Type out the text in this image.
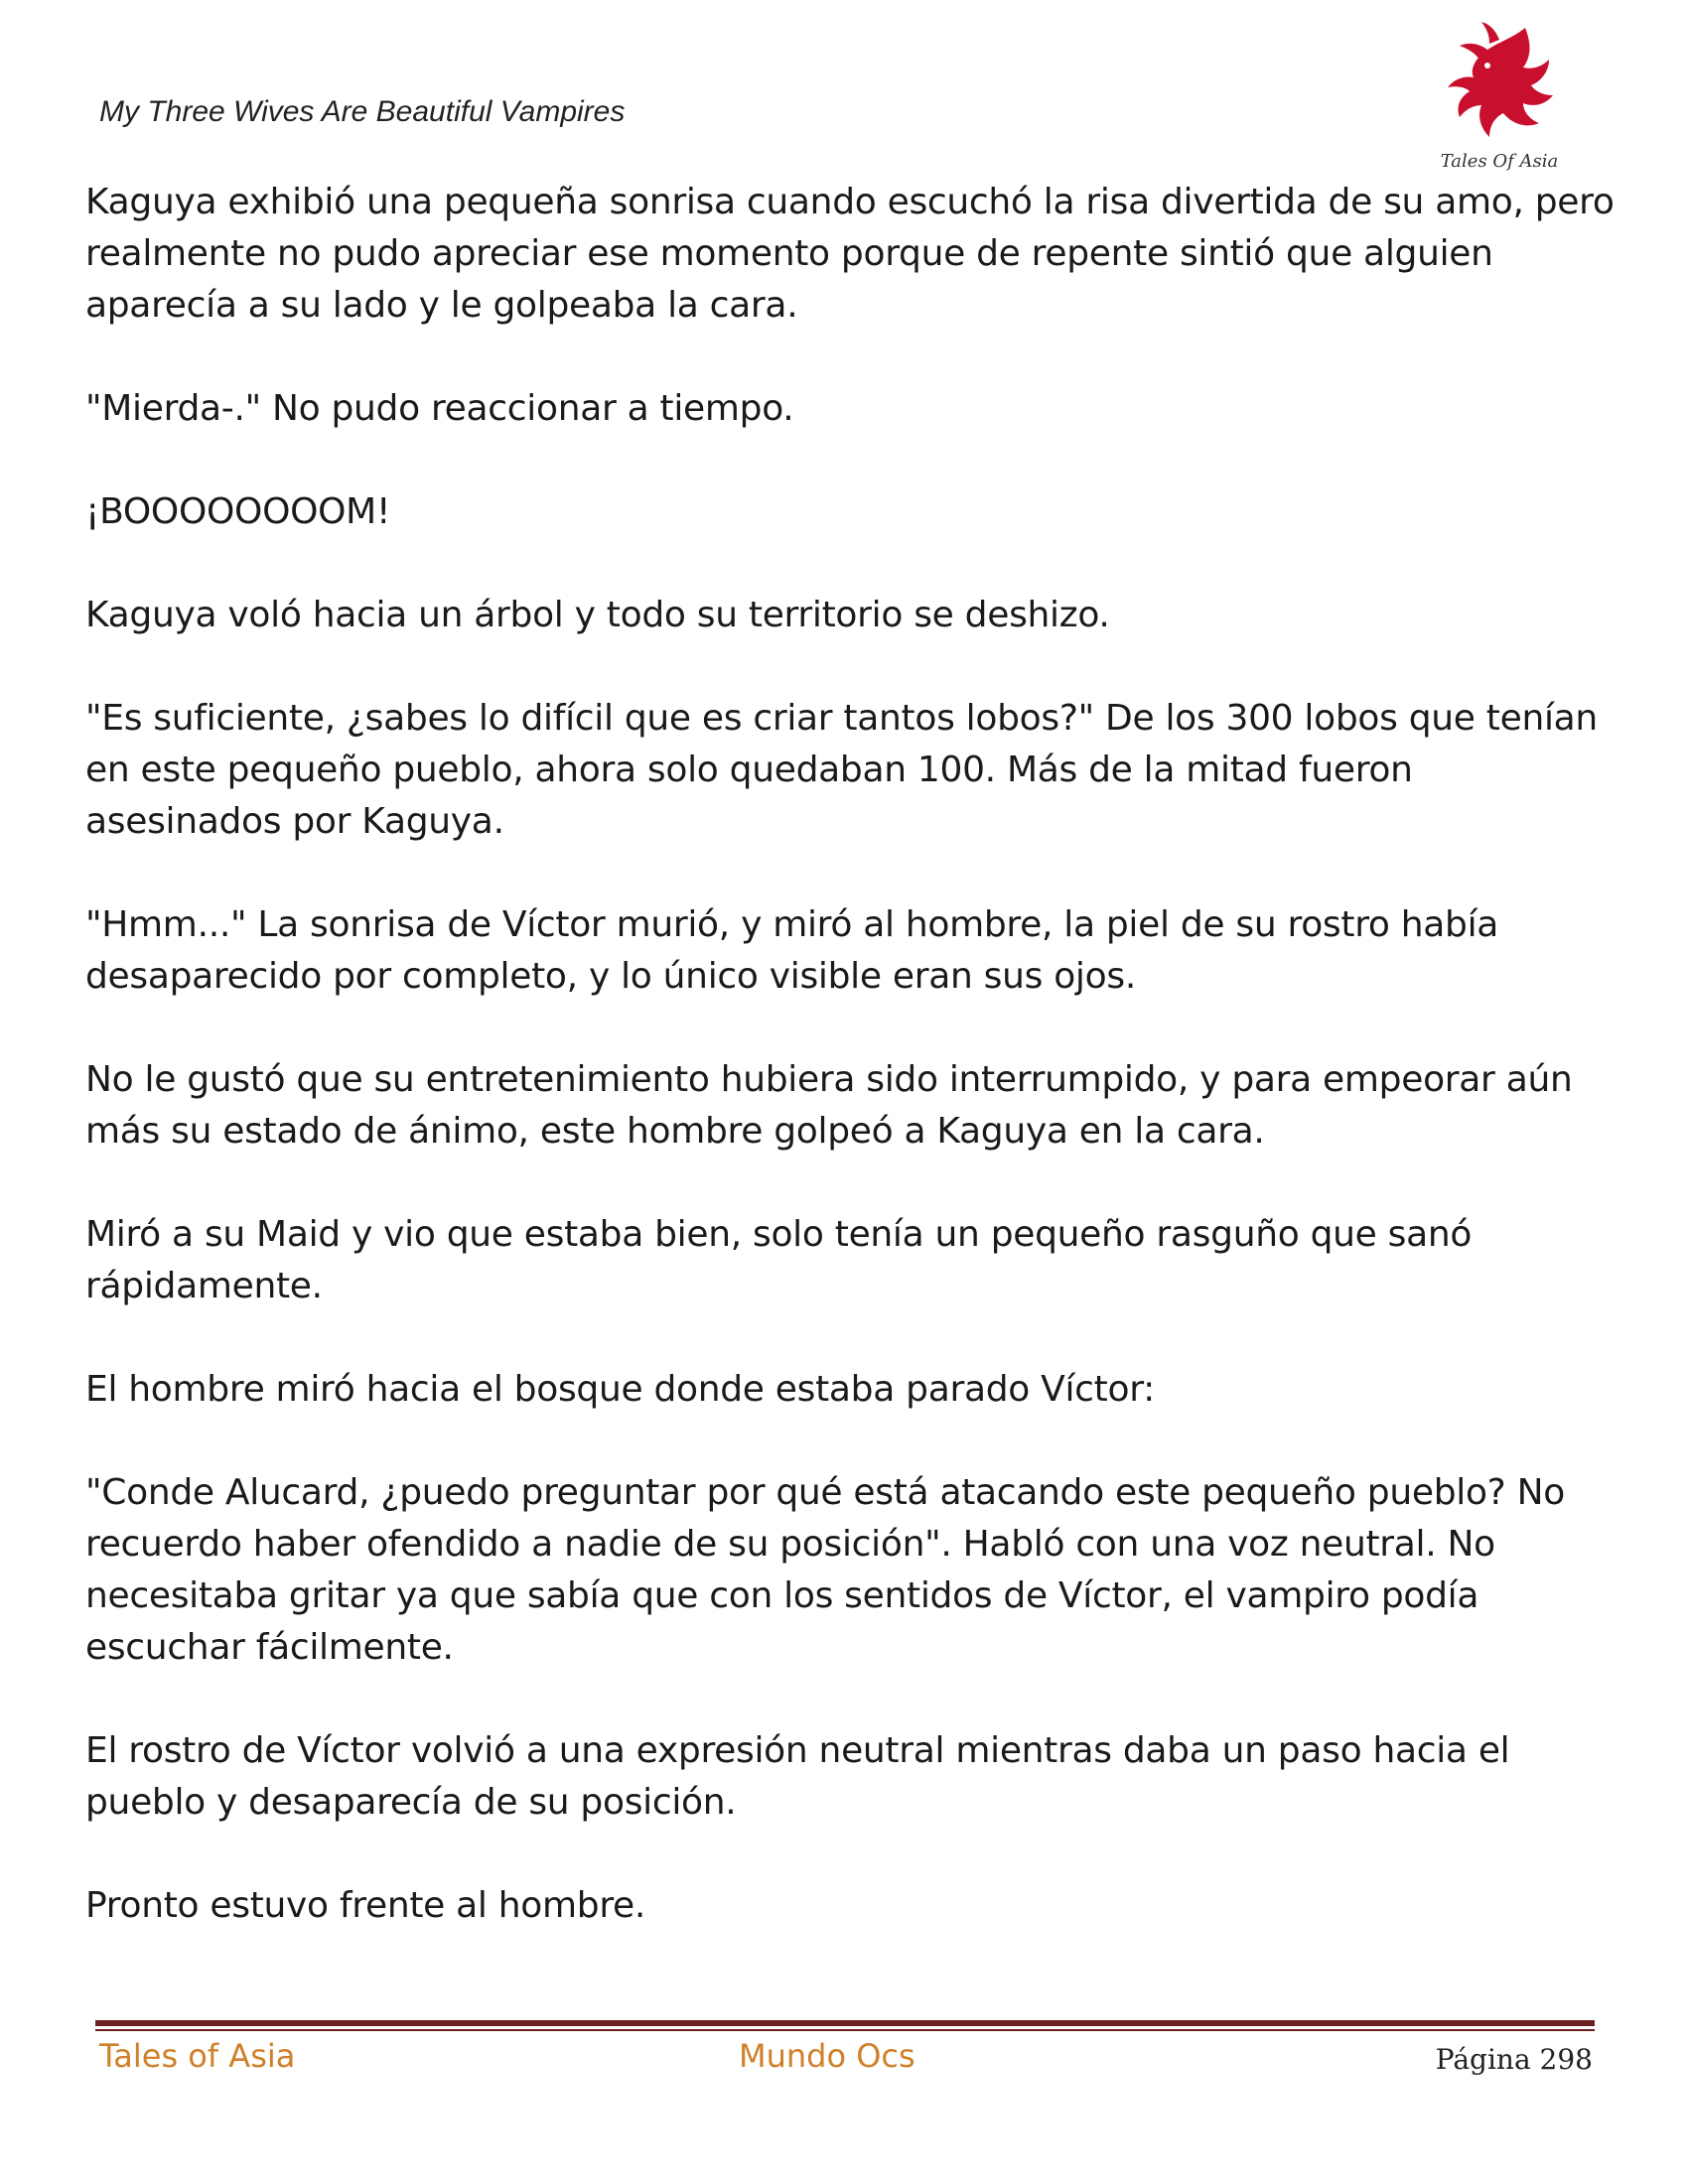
My Three Wives Are Beautiful Vampires
Tales Of Asia

Kaguya exhibió una pequeña sonrisa cuando escuchó la risa divertida de su amo, pero realmente no pudo apreciar ese momento porque de repente sintió que alguien aparecía a su lado y le golpeaba la cara.

"Mierda-." No pudo reaccionar a tiempo.

¡BOOOOOOOOM!

Kaguya voló hacia un árbol y todo su territorio se deshizo.

"Es suficiente, ¿sabes lo difícil que es criar tantos lobos?" De los 300 lobos que tenían en este pequeño pueblo, ahora solo quedaban 100. Más de la mitad fueron asesinados por Kaguya.

"Hmm..." La sonrisa de Víctor murió, y miró al hombre, la piel de su rostro había desaparecido por completo, y lo único visible eran sus ojos.

No le gustó que su entretenimiento hubiera sido interrumpido, y para empeorar aún más su estado de ánimo, este hombre golpeó a Kaguya en la cara.

Miró a su Maid y vio que estaba bien, solo tenía un pequeño rasguño que sanó rápidamente.

El hombre miró hacia el bosque donde estaba parado Víctor:

"Conde Alucard, ¿puedo preguntar por qué está atacando este pequeño pueblo? No recuerdo haber ofendido a nadie de su posición". Habló con una voz neutral. No necesitaba gritar ya que sabía que con los sentidos de Víctor, el vampiro podía escuchar fácilmente.

El rostro de Víctor volvió a una expresión neutral mientras daba un paso hacia el pueblo y desaparecía de su posición.

Pronto estuvo frente al hombre.

Tales of Asia	Mundo Ocs	Página 298
